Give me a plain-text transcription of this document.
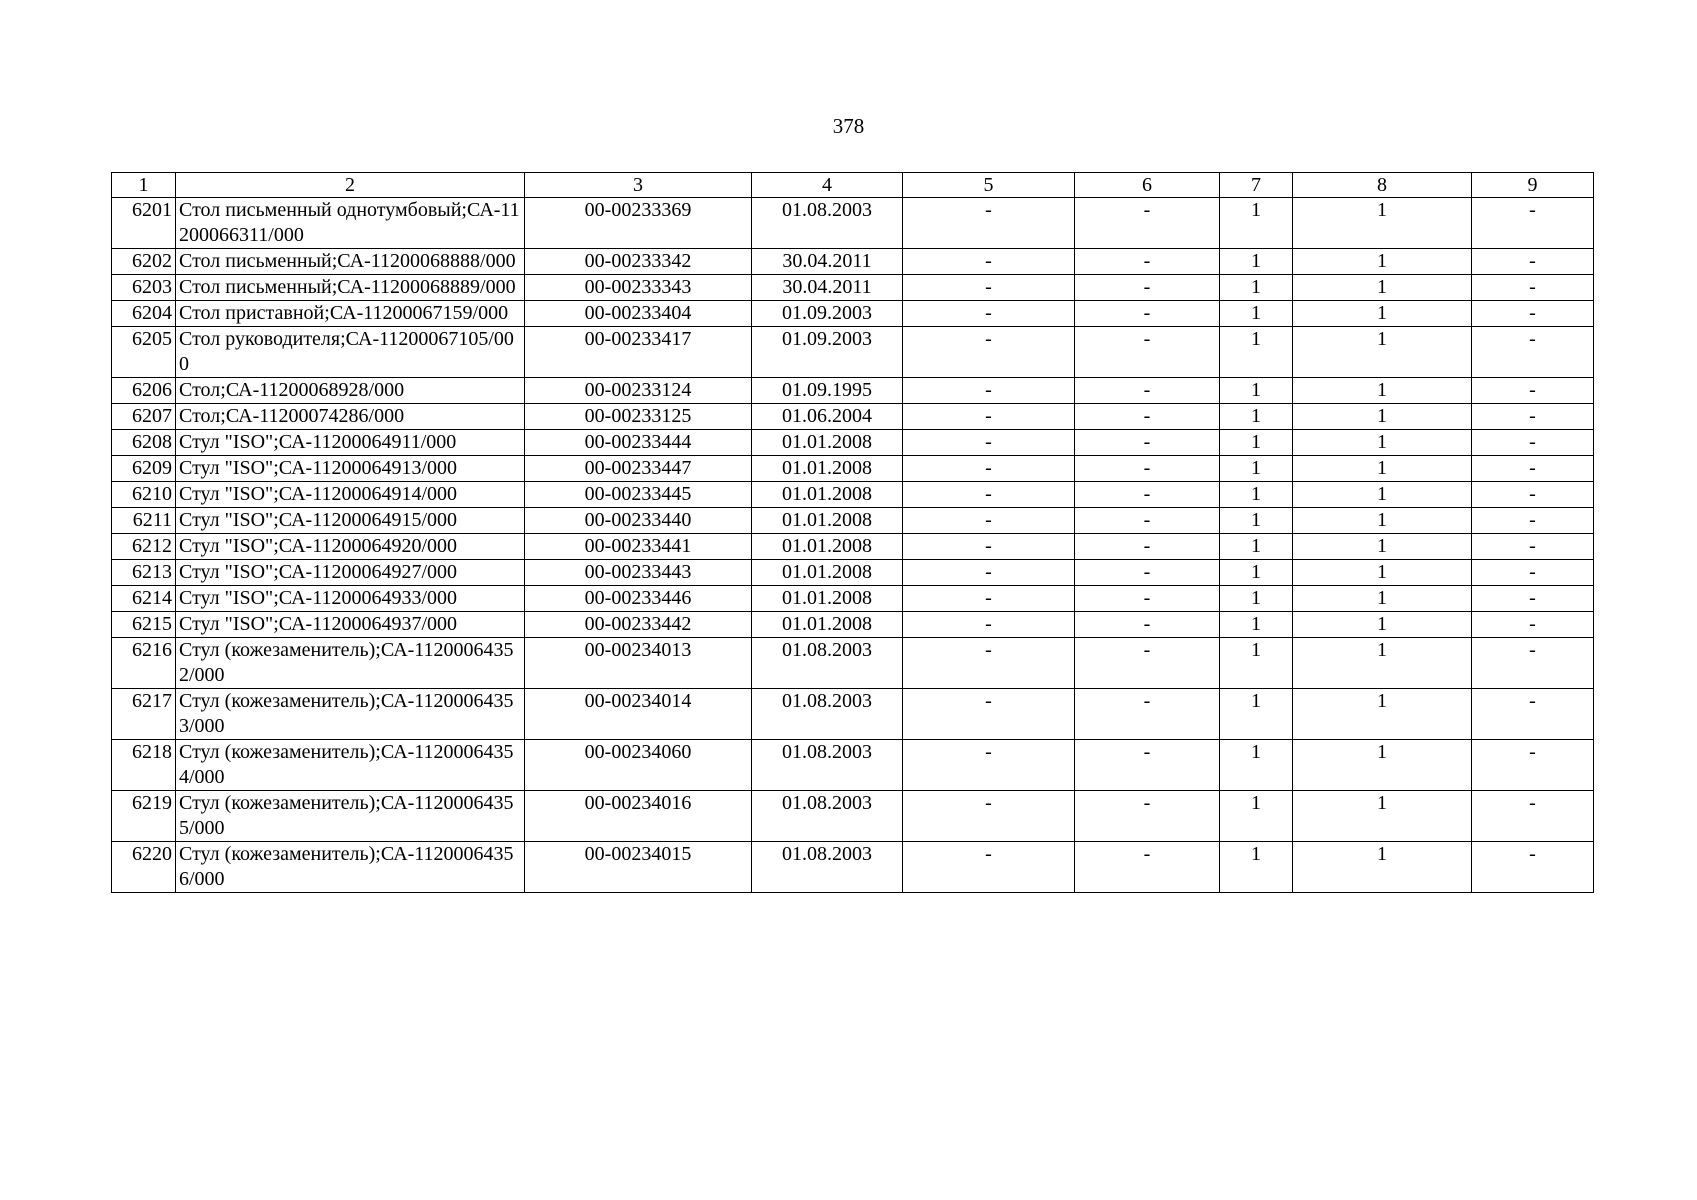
378
1	2	3	4	5	6	7	8	9
6201	Стол письменный однотумбовый;СА-1120006631​1/000	00-00233369	01.08.2003	-	-	1	1	-
6202	Стол письменный;СА-11200068888/000	00-00233342	30.04.2011	-	-	1	1	-
6203	Стол письменный;СА-11200068889/000	00-00233343	30.04.2011	-	-	1	1	-
6204	Стол приставной;СА-11200067159/000	00-00233404	01.09.2003	-	-	1	1	-
6205	Стол руководителя;СА-11200067105/000	00-00233417	01.09.2003	-	-	1	1	-
6206	Стол;СА-11200068928/000	00-00233124	01.09.1995	-	-	1	1	-
6207	Стол;СА-11200074286/000	00-00233125	01.06.2004	-	-	1	1	-
6208	Стул "ISO";СА-11200064911/000	00-00233444	01.01.2008	-	-	1	1	-
6209	Стул "ISO";СА-11200064913/000	00-00233447	01.01.2008	-	-	1	1	-
6210	Стул "ISO";СА-11200064914/000	00-00233445	01.01.2008	-	-	1	1	-
6211	Стул "ISO";СА-11200064915/000	00-00233440	01.01.2008	-	-	1	1	-
6212	Стул "ISO";СА-11200064920/000	00-00233441	01.01.2008	-	-	1	1	-
6213	Стул "ISO";СА-11200064927/000	00-00233443	01.01.2008	-	-	1	1	-
6214	Стул "ISO";СА-11200064933/000	00-00233446	01.01.2008	-	-	1	1	-
6215	Стул "ISO";СА-11200064937/000	00-00233442	01.01.2008	-	-	1	1	-
6216	Стул (кожезаменитель);СА-11200064352/000	00-00234013	01.08.2003	-	-	1	1	-
6217	Стул (кожезаменитель);СА-11200064353/000	00-00234014	01.08.2003	-	-	1	1	-
6218	Стул (кожезаменитель);СА-11200064354/000	00-00234060	01.08.2003	-	-	1	1	-
6219	Стул (кожезаменитель);СА-11200064355/000	00-00234016	01.08.2003	-	-	1	1	-
6220	Стул (кожезаменитель);СА-11200064356/000	00-00234015	01.08.2003	-	-	1	1	-
